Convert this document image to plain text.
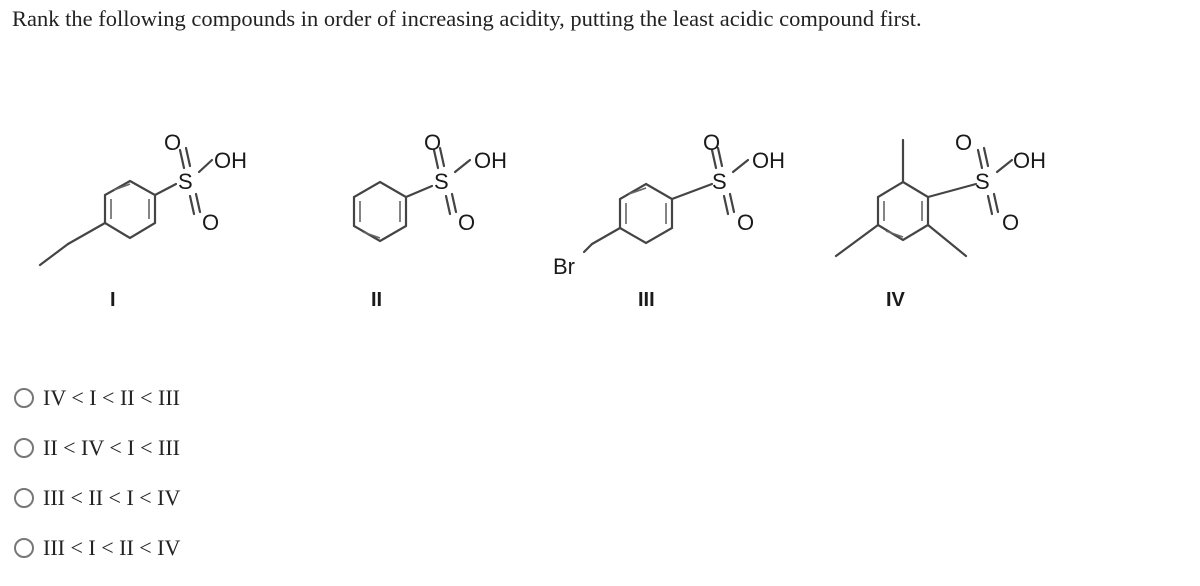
Rank the following compounds in order of increasing acidity, putting the least acidic compound first.
O
S
OH
O
I
O
S
OH
O
II
O
S
OH
O
Br
III
O
S
OH
O
IV
IV < I < II < III
II < IV < I < III
III < II < I < IV
III < I < II < IV
